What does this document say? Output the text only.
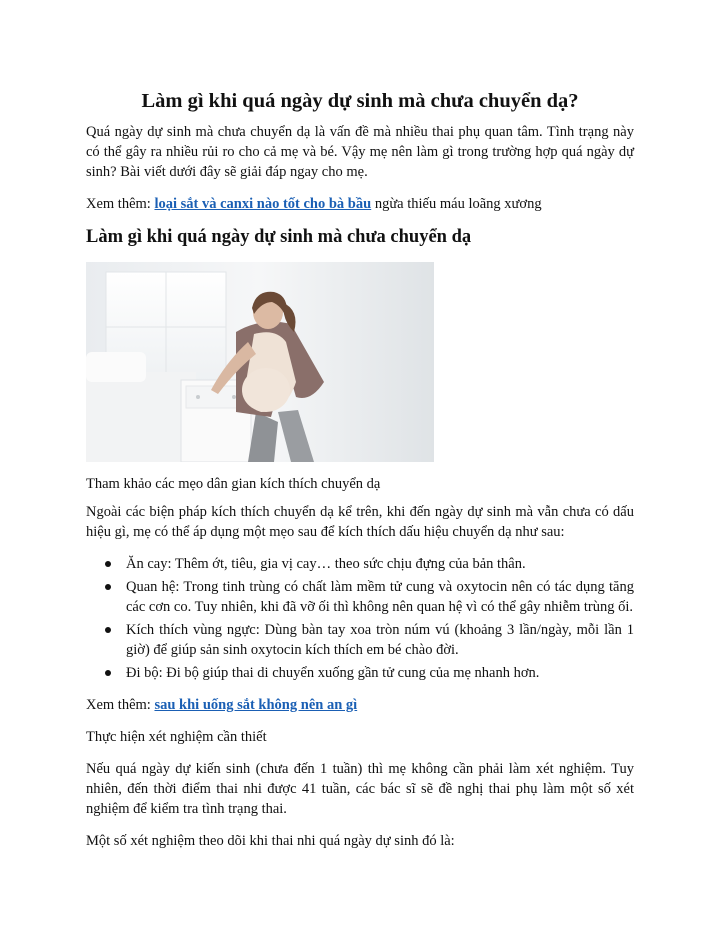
Làm gì khi quá ngày dự sinh mà chưa chuyển dạ?

Quá ngày dự sinh mà chưa chuyển dạ là vấn đề mà nhiều thai phụ quan tâm. Tình trạng này có thể gây ra nhiều rủi ro cho cả mẹ và bé. Vậy mẹ nên làm gì trong trường hợp quá ngày dự sinh? Bài viết dưới đây sẽ giải đáp ngay cho mẹ.

Xem thêm: loại sắt và canxi nào tốt cho bà bầu ngừa thiếu máu loãng xương

Làm gì khi quá ngày dự sinh mà chưa chuyển dạ

Tham khảo các mẹo dân gian kích thích chuyển dạ

Ngoài các biện pháp kích thích chuyển dạ kể trên, khi đến ngày dự sinh mà vẫn chưa có dấu hiệu gì, mẹ có thể áp dụng một mẹo sau để kích thích dấu hiệu chuyển dạ như sau:

Ăn cay: Thêm ớt, tiêu, gia vị cay… theo sức chịu đựng của bản thân.
Quan hệ: Trong tinh trùng có chất làm mềm tử cung và oxytocin nên có tác dụng tăng các cơn co. Tuy nhiên, khi đã vỡ ối thì không nên quan hệ vì có thể gây nhiễm trùng ối.
Kích thích vùng ngực: Dùng bàn tay xoa tròn núm vú (khoảng 3 lần/ngày, mỗi lần 1 giờ) để giúp sản sinh oxytocin kích thích em bé chào đời.
Đi bộ: Đi bộ giúp thai di chuyển xuống gần tử cung của mẹ nhanh hơn.

Xem thêm: sau khi uống sắt không nên an gì

Thực hiện xét nghiệm cần thiết

Nếu quá ngày dự kiến sinh (chưa đến 1 tuần) thì mẹ không cần phải làm xét nghiệm. Tuy nhiên, đến thời điểm thai nhi được 41 tuần, các bác sĩ sẽ đề nghị thai phụ làm một số xét nghiệm để kiểm tra tình trạng thai.

Một số xét nghiệm theo dõi khi thai nhi quá ngày dự sinh đó là:
